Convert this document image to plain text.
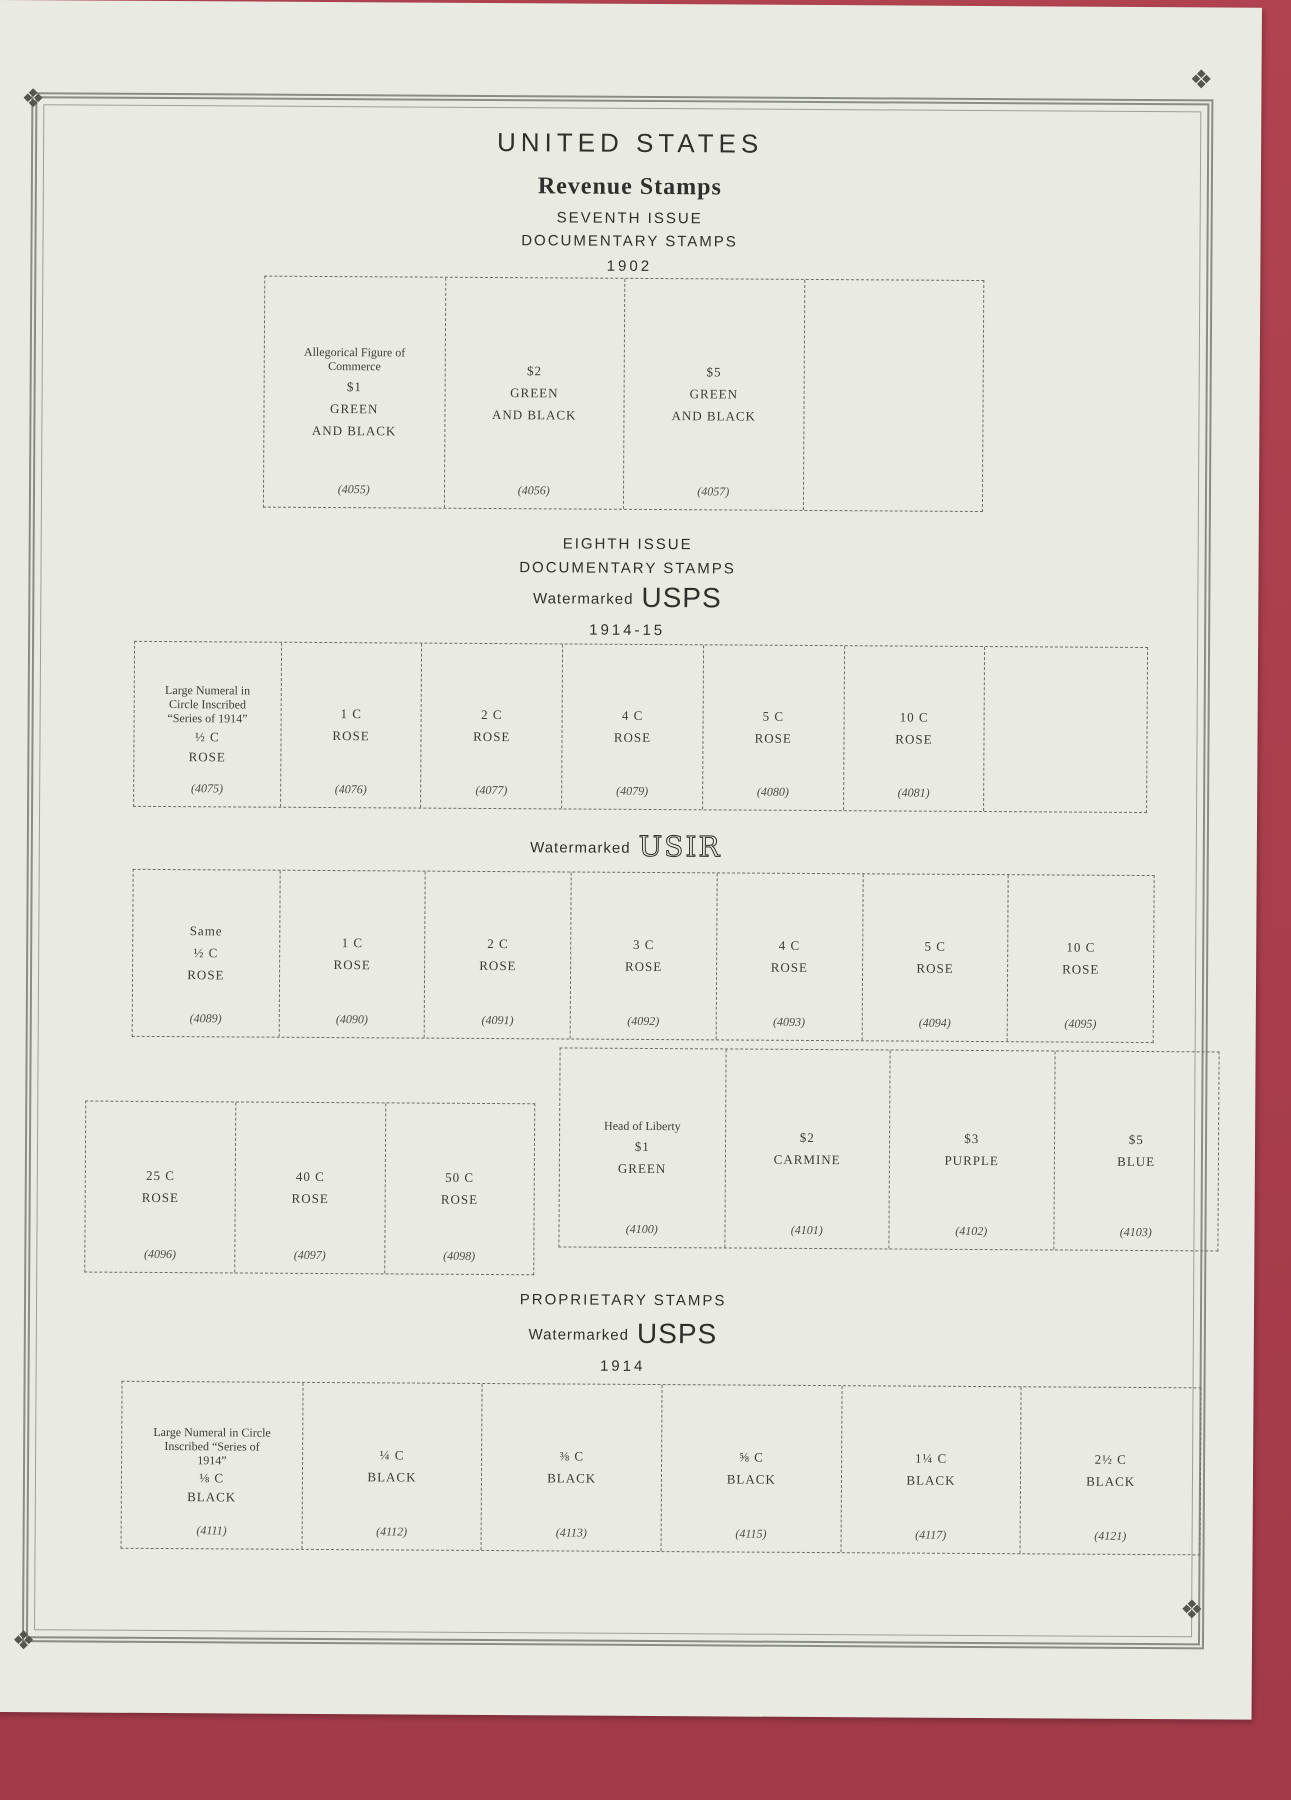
❖
❖
❖
❖
UNITED STATES
Revenue Stamps
SEVENTH ISSUE
DOCUMENTARY STAMPS
1902
Allegorical Figure of Commerce
$1
GREEN
AND BLACK
(4055)
$2
GREEN
AND BLACK
(4056)
$5
GREEN
AND BLACK
(4057)
EIGHTH ISSUE
DOCUMENTARY STAMPS
Watermarked USPS
1914-15
Large Numeral in Circle Inscribed “Series of 1914”
½ C
ROSE
(4075)
1 C
ROSE
(4076)
2 C
ROSE
(4077)
4 C
ROSE
(4079)
5 C
ROSE
(4080)
10 C
ROSE
(4081)
Watermarked USIR
Same
½ C
ROSE
(4089)
1 C
ROSE
(4090)
2 C
ROSE
(4091)
3 C
ROSE
(4092)
4 C
ROSE
(4093)
5 C
ROSE
(4094)
10 C
ROSE
(4095)
25 C
ROSE
(4096)
40 C
ROSE
(4097)
50 C
ROSE
(4098)
Head of Liberty
$1
GREEN
(4100)
$2
CARMINE
(4101)
$3
PURPLE
(4102)
$5
BLUE
(4103)
PROPRIETARY STAMPS
Watermarked USPS
1914
Large Numeral in Circle Inscribed “Series of 1914”
⅛ C
BLACK
(4111)
¼ C
BLACK
(4112)
⅜ C
BLACK
(4113)
⅝ C
BLACK
(4115)
1¼ C
BLACK
(4117)
2½ C
BLACK
(4121)
